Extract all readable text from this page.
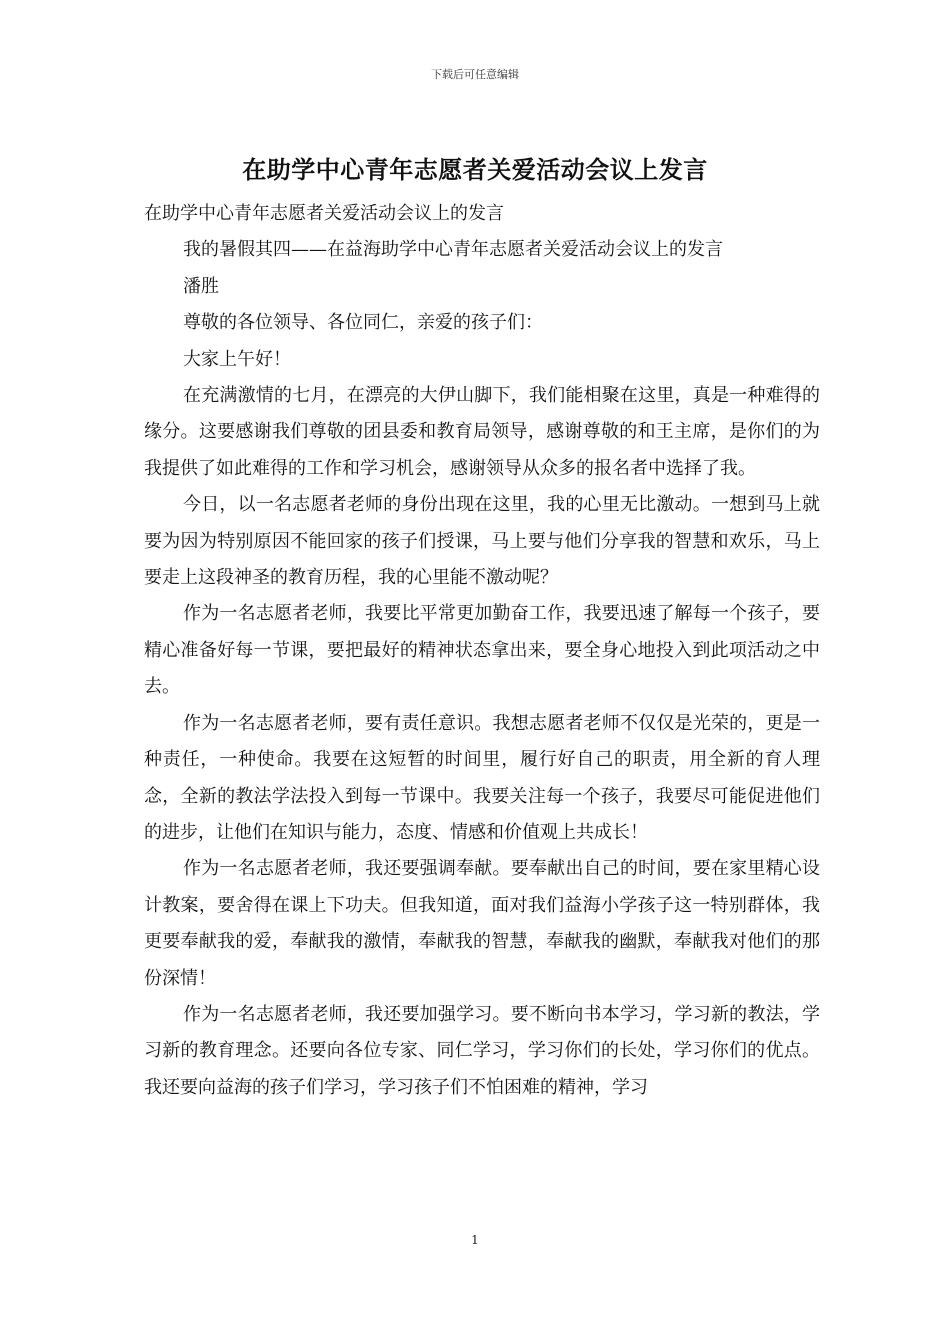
下载后可任意编辑
在助学中心青年志愿者关爱活动会议上发言

在助学中心青年志愿者关爱活动会议上的发言

我的暑假其四——在益海助学中心青年志愿者关爱活动会议上的发言

潘胜

尊敬的各位领导、各位同仁，亲爱的孩子们：

大家上午好！

在充满激情的七月，在漂亮的大伊山脚下，我们能相聚在这里，真是一种难得的缘分。这要感谢我们尊敬的团县委和教育局领导，感谢尊敬的和王主席，是你们的为我提供了如此难得的工作和学习机会，感谢领导从众多的报名者中选择了我。

今日，以一名志愿者老师的身份出现在这里，我的心里无比激动。一想到马上就要为因为特别原因不能回家的孩子们授课，马上要与他们分享我的智慧和欢乐，马上要走上这段神圣的教育历程，我的心里能不激动呢？

作为一名志愿者老师，我要比平常更加勤奋工作，我要迅速了解每一个孩子，要精心准备好每一节课，要把最好的精神状态拿出来，要全身心地投入到此项活动之中去。

作为一名志愿者老师，要有责任意识。我想志愿者老师不仅仅是光荣的，更是一种责任，一种使命。我要在这短暂的时间里，履行好自己的职责，用全新的育人理念，全新的教法学法投入到每一节课中。我要关注每一个孩子，我要尽可能促进他们的进步，让他们在知识与能力，态度、情感和价值观上共成长！

作为一名志愿者老师，我还要强调奉献。要奉献出自己的时间，要在家里精心设计教案，要舍得在课上下功夫。但我知道，面对我们益海小学孩子这一特别群体，我更要奉献我的爱，奉献我的激情，奉献我的智慧，奉献我的幽默，奉献我对他们的那份深情！

作为一名志愿者老师，我还要加强学习。要不断向书本学习，学习新的教法，学习新的教育理念。还要向各位专家、同仁学习，学习你们的长处，学习你们的优点。我还要向益海的孩子们学习，学习孩子们不怕困难的精神，学习

1
